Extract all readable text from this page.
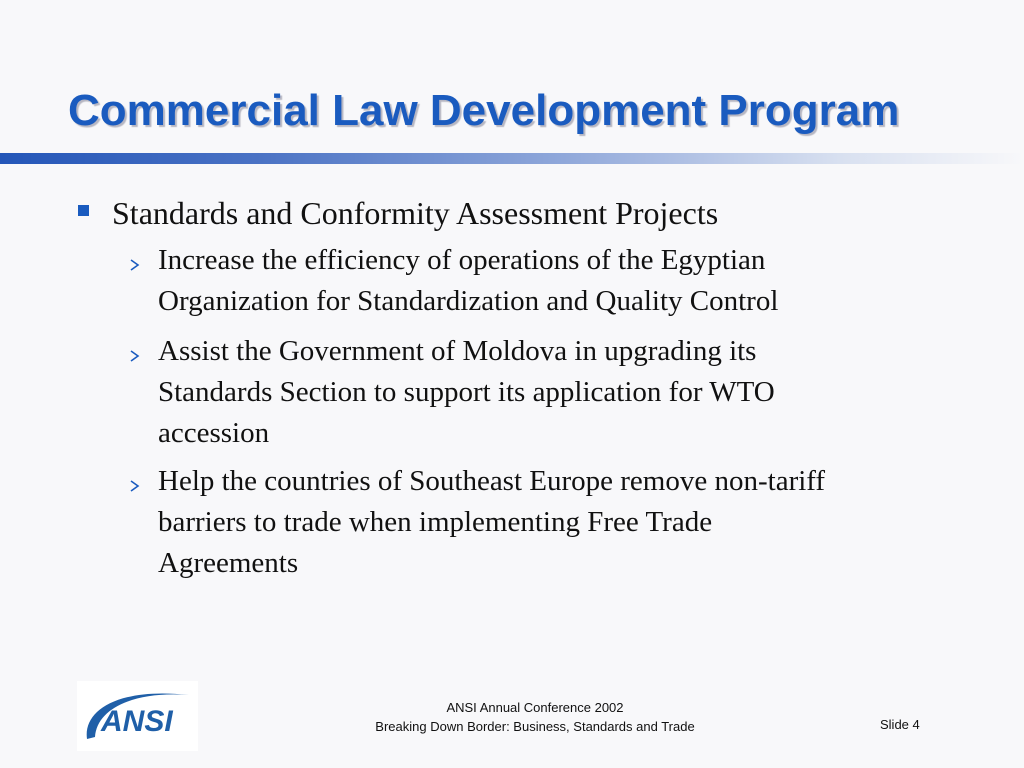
Commercial Law Development Program
Standards and Conformity Assessment Projects
Increase the efficiency of operations of the Egyptian
Organization for Standardization and Quality Control
Assist the Government of Moldova in upgrading its
Standards Section to support its application for WTO
accession
Help the countries of Southeast Europe remove non-tariff
barriers to trade when implementing Free Trade
Agreements
ANSI	ANSI Annual Conference 2002
Breaking Down Border: Business, Standards and Trade	Slide 4
